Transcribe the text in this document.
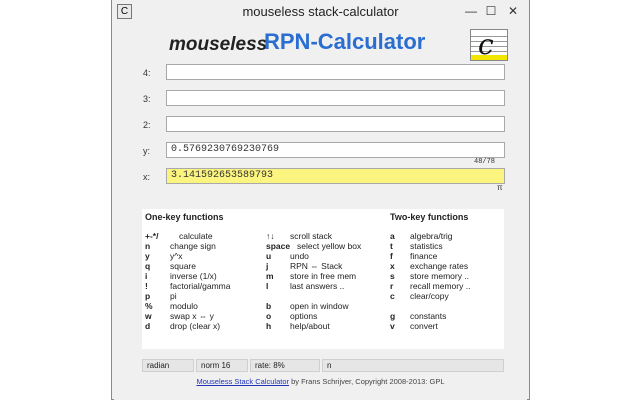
C	mouseless stack-calculator	— ☐ ✕
mouseless
RPN-Calculator c
4:
3:
2:
y:	0.5769230769230769
48/78
x:	3.141592653589793
π
One-key functions	Two-key functions
+-*/ calculate
n change sign
y y^x
q square
i	inverse (1/x)
!	factorial/gamma
p pi
% modulo
w swap x ⇔ y
d drop (clear x)
↑↓ scroll stack
space select yellow box
u undo
j	RPN ⇔ Stack
m store in free mem
l	last answers ..
b open in window
o options
h help/about
a algebra/trig
t statistics
f finance
x exchange rates
s store memory ..
r recall memory ..
c clear/copy
g constants
v convert
radian	norm 16	rate: 8%	n
Mouseless Stack Calculator by Frans Schrijver, Copyright 2008-2013: GPL
